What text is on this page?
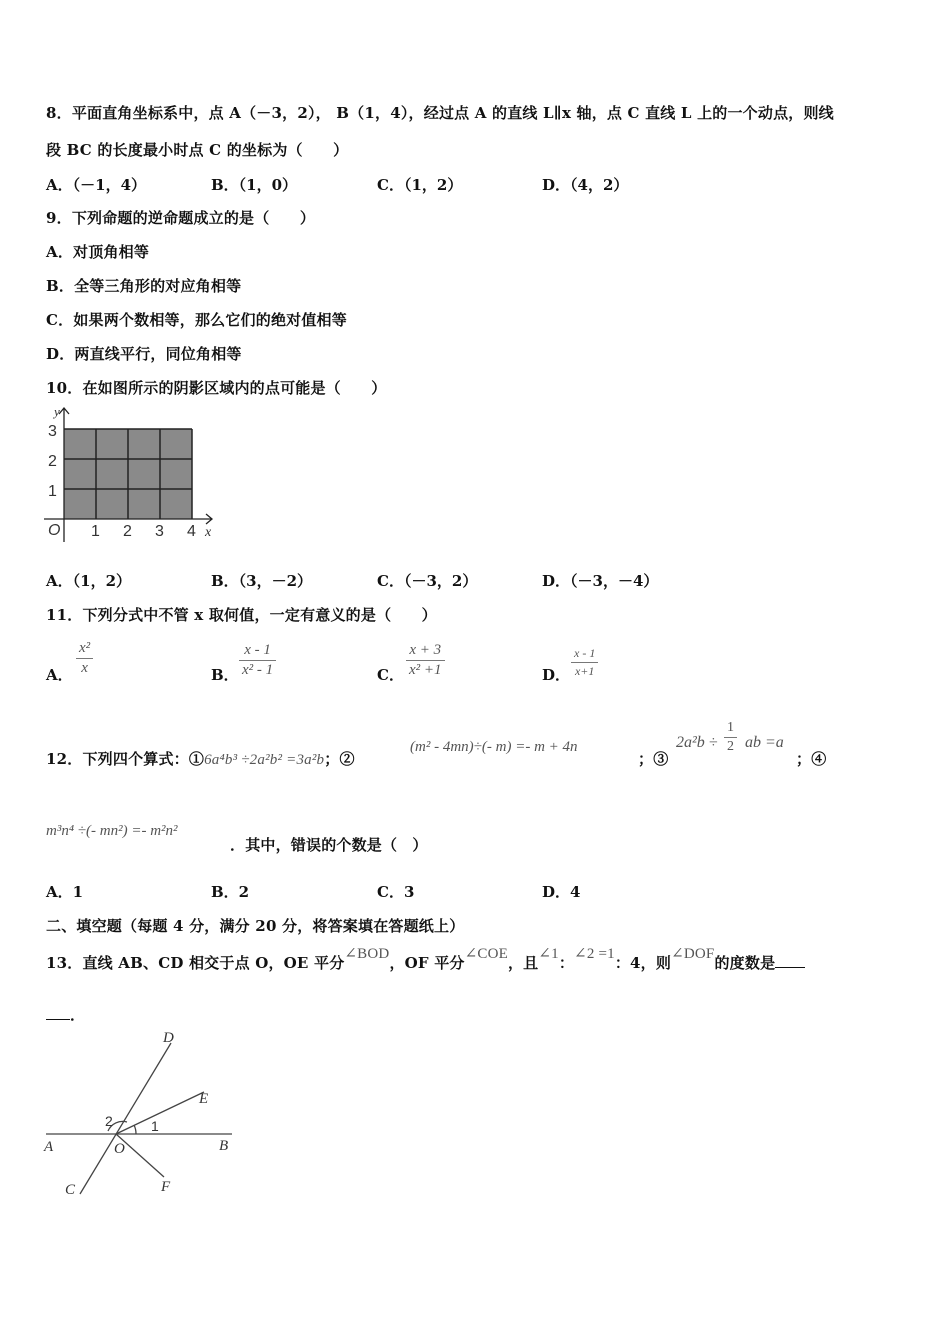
8．平面直角坐标系中，点 A（－3，2）， B（1，4），经过点 A 的直线 L∥x 轴，点 C 直线 L 上的一个动点，则线
段 BC 的长度最小时点 C 的坐标为（　　）
A．（－1，4）	B．（1，0）	C．（1，2）	D．（4，2）
9．下列命题的逆命题成立的是（　　）
A．对顶角相等
B．全等三角形的对应角相等
C．如果两个数相等，那么它们的绝对值相等
D．两直线平行，同位角相等
10．在如图所示的阴影区域内的点可能是（　　）
y
x
O 1 2 3 4
1
2
3
A．（1，2）	B．（3，－2）	C．（－3，2）	D．（－3，－4）
11．下列分式中不管 x 取何值，一定有意义的是（　　）
A．
x²
x	B．
x - 1
x² - 1	C．
x + 3
x² +1	D．
x - 1
x+1
12．下列四个算式：①6a⁴b³ ÷2a²b² =3a²b；②
(m² - 4mn)÷(- m) =- m + 4n
；③
2a²b ÷
1
2 ab =a
；④
m³n⁴ ÷(- mn²) =- m²n²
．其中，错误的个数是（　）
A．1	B．2	C．3	D．4
二、填空题（每题 4 分，满分 20 分，将答案填在答题纸上）
13．直线 AB、CD 相交于点 O，OE 平分∠BOD，OF 平分∠COE，且∠1：∠2 =1：4，则∠DOF的度数是
．
D
E
2	1
A	O	B
C	F
